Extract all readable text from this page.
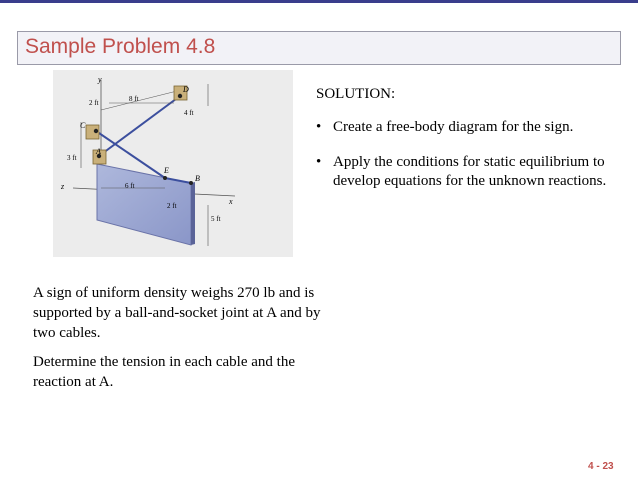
Sample Problem 4.8
y
D
C
A
E
B
z
x
2 ft	8 ft
4 ft
3 ft
6 ft
2 ft
5 ft
SOLUTION:
• Create a free-body diagram for the sign.
• Apply the conditions for static equilibrium to develop equations for the unknown reactions.
A sign of uniform density weighs 270 lb and is supported by a ball-and-socket joint at A and by two cables.
Determine the tension in each cable and the reaction at A.
4 - 23
